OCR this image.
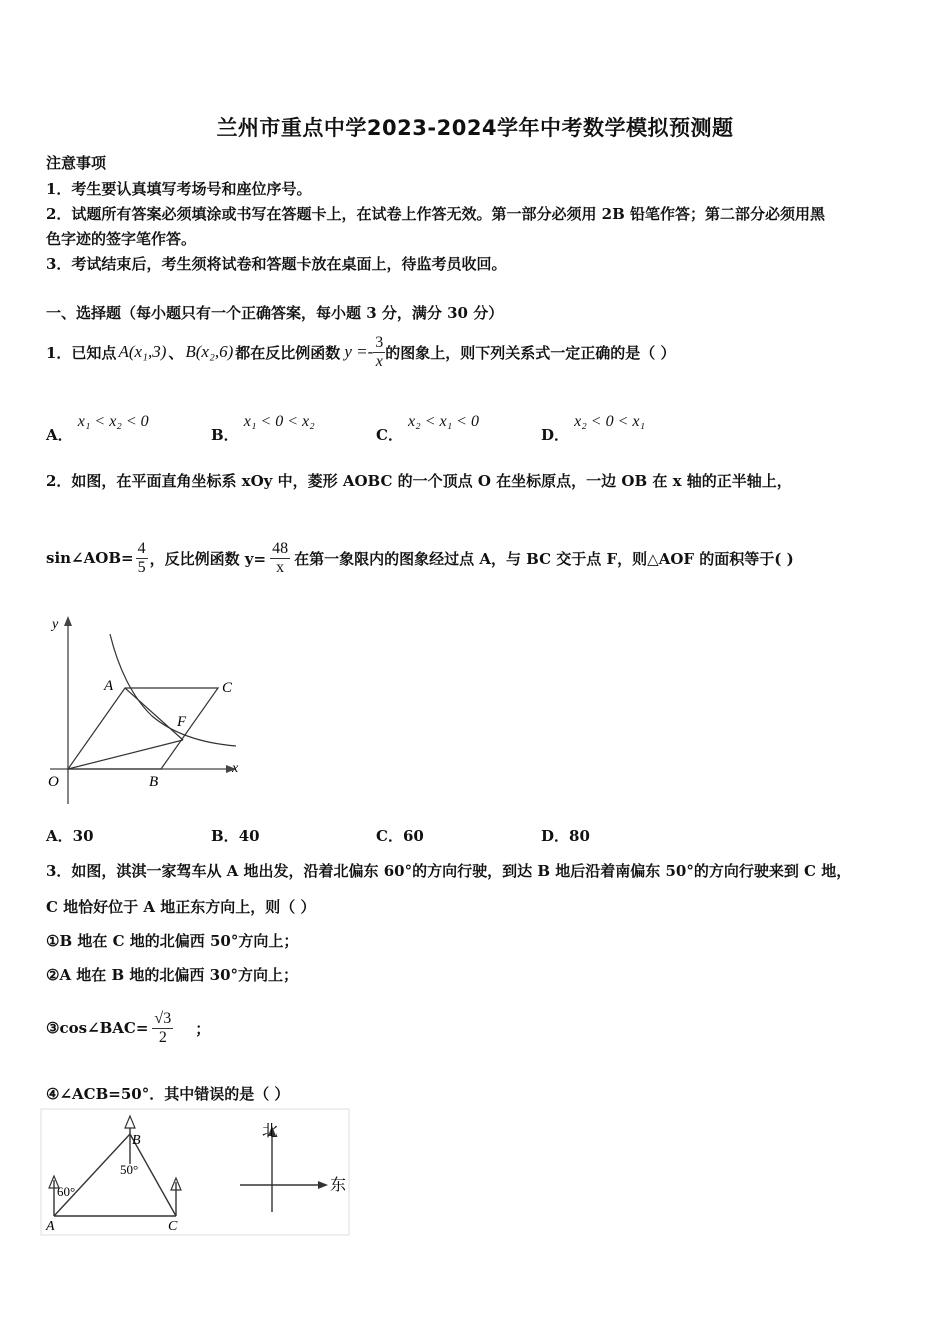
兰州市重点中学2023-2024学年中考数学模拟预测题
注意事项
1．考生要认真填写考场号和座位序号。
2．试题所有答案必须填涂或书写在答题卡上，在试卷上作答无效。第一部分必须用 2B 铅笔作答；第二部分必须用黑
色字迹的签字笔作答。
3．考试结束后，考生须将试卷和答题卡放在桌面上，待监考员收回。
一、选择题（每小题只有一个正确答案，每小题 3 分，满分 30 分）
1．已知点 A(x₁,3) 、 B(x₂,6) 都在反比例函数 $y =- \frac{3}{x}$ 的图象上，则下列关系式一定正确的是（ ）
A． x₁ < x₂ < 0
B． x₁ < 0 < x₂
C． x₂ < x₁ < 0
D． x₂ < 0 < x₁
2．如图，在平面直角坐标系 xOy 中，菱形 AOBC 的一个顶点 O 在坐标原点，一边 OB 在 x 轴的正半轴上，
sin∠AOB= $\frac{4}{5}$ ，反比例函数 $y= \frac{48}{x}$ 在第一象限内的图象经过点 A，与 BC 交于点 F，则△AOF 的面积等于( )
y
x
O
A
B
C
F
A．30	B．40	C．60	D．80
3．如图，淇淇一家驾车从 A 地出发，沿着北偏东 60°的方向行驶，到达 B 地后沿着南偏东 50°的方向行驶来到 C 地，
C 地恰好位于 A 地正东方向上，则（ ）
①B 地在 C 地的北偏西 50°方向上；
②A 地在 B 地的北偏西 30°方向上；
③cos∠BAC= $\frac{√3}{2}$ ；
④∠ACB=50°．其中错误的是（ ）
A
B
C
60°
50°
北
东
